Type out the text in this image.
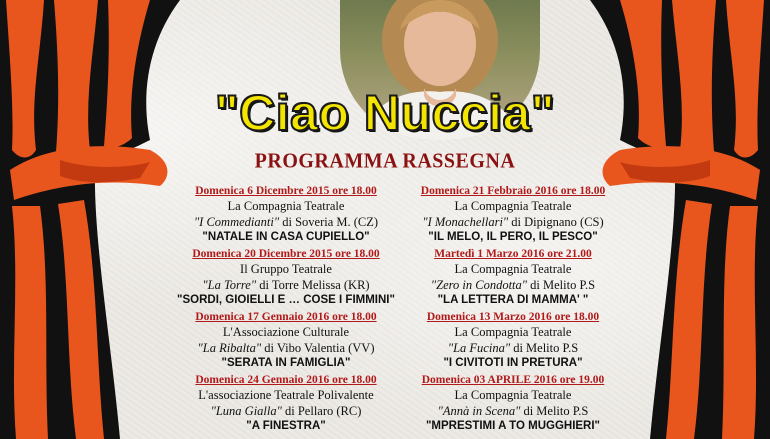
"Ciao Nuccia"
PROGRAMMA RASSEGNA
Domenica 6 Dicembre 2015 ore 18.00
La Compagnia Teatrale
"I Commedianti" di Soveria M. (CZ)
"NATALE IN CASA CUPIELLO"
Domenica 20 Dicembre 2015 ore 18.00
Il Gruppo Teatrale
"La Torre" di Torre Melissa (KR)
"SORDI, GIOIELLI E … COSE I FIMMINI"
Domenica 17 Gennaio 2016 ore 18.00
L'Associazione Culturale
"La Ribalta" di Vibo Valentia (VV)
"SERATA IN FAMIGLIA"
Domenica 24 Gennaio 2016 ore 18.00
L'associazione Teatrale Polivalente
"Luna Gialla" di Pellaro (RC)
"A FINESTRA"
Domenica 21 Febbraio 2016 ore 18.00
La Compagnia Teatrale
"I Monachellari" di Dipignano (CS)
"IL MELO, IL PERO, IL PESCO"
Martedì 1 Marzo 2016 ore 21.00
La Compagnia Teatrale
"Zero in Condotta" di Melito P.S
"LA LETTERA DI MAMMA' "
Domenica 13 Marzo 2016 ore 18.00
La Compagnia Teatrale
"La Fucina" di Melito P.S
"I CIVITOTI IN PRETURA"
Domenica 03 APRILE 2016 ore 19.00
La Compagnia Teatrale
"Annà in Scena" di Melito P.S
"MPRESTIMI A TO MUGGHIERI"
